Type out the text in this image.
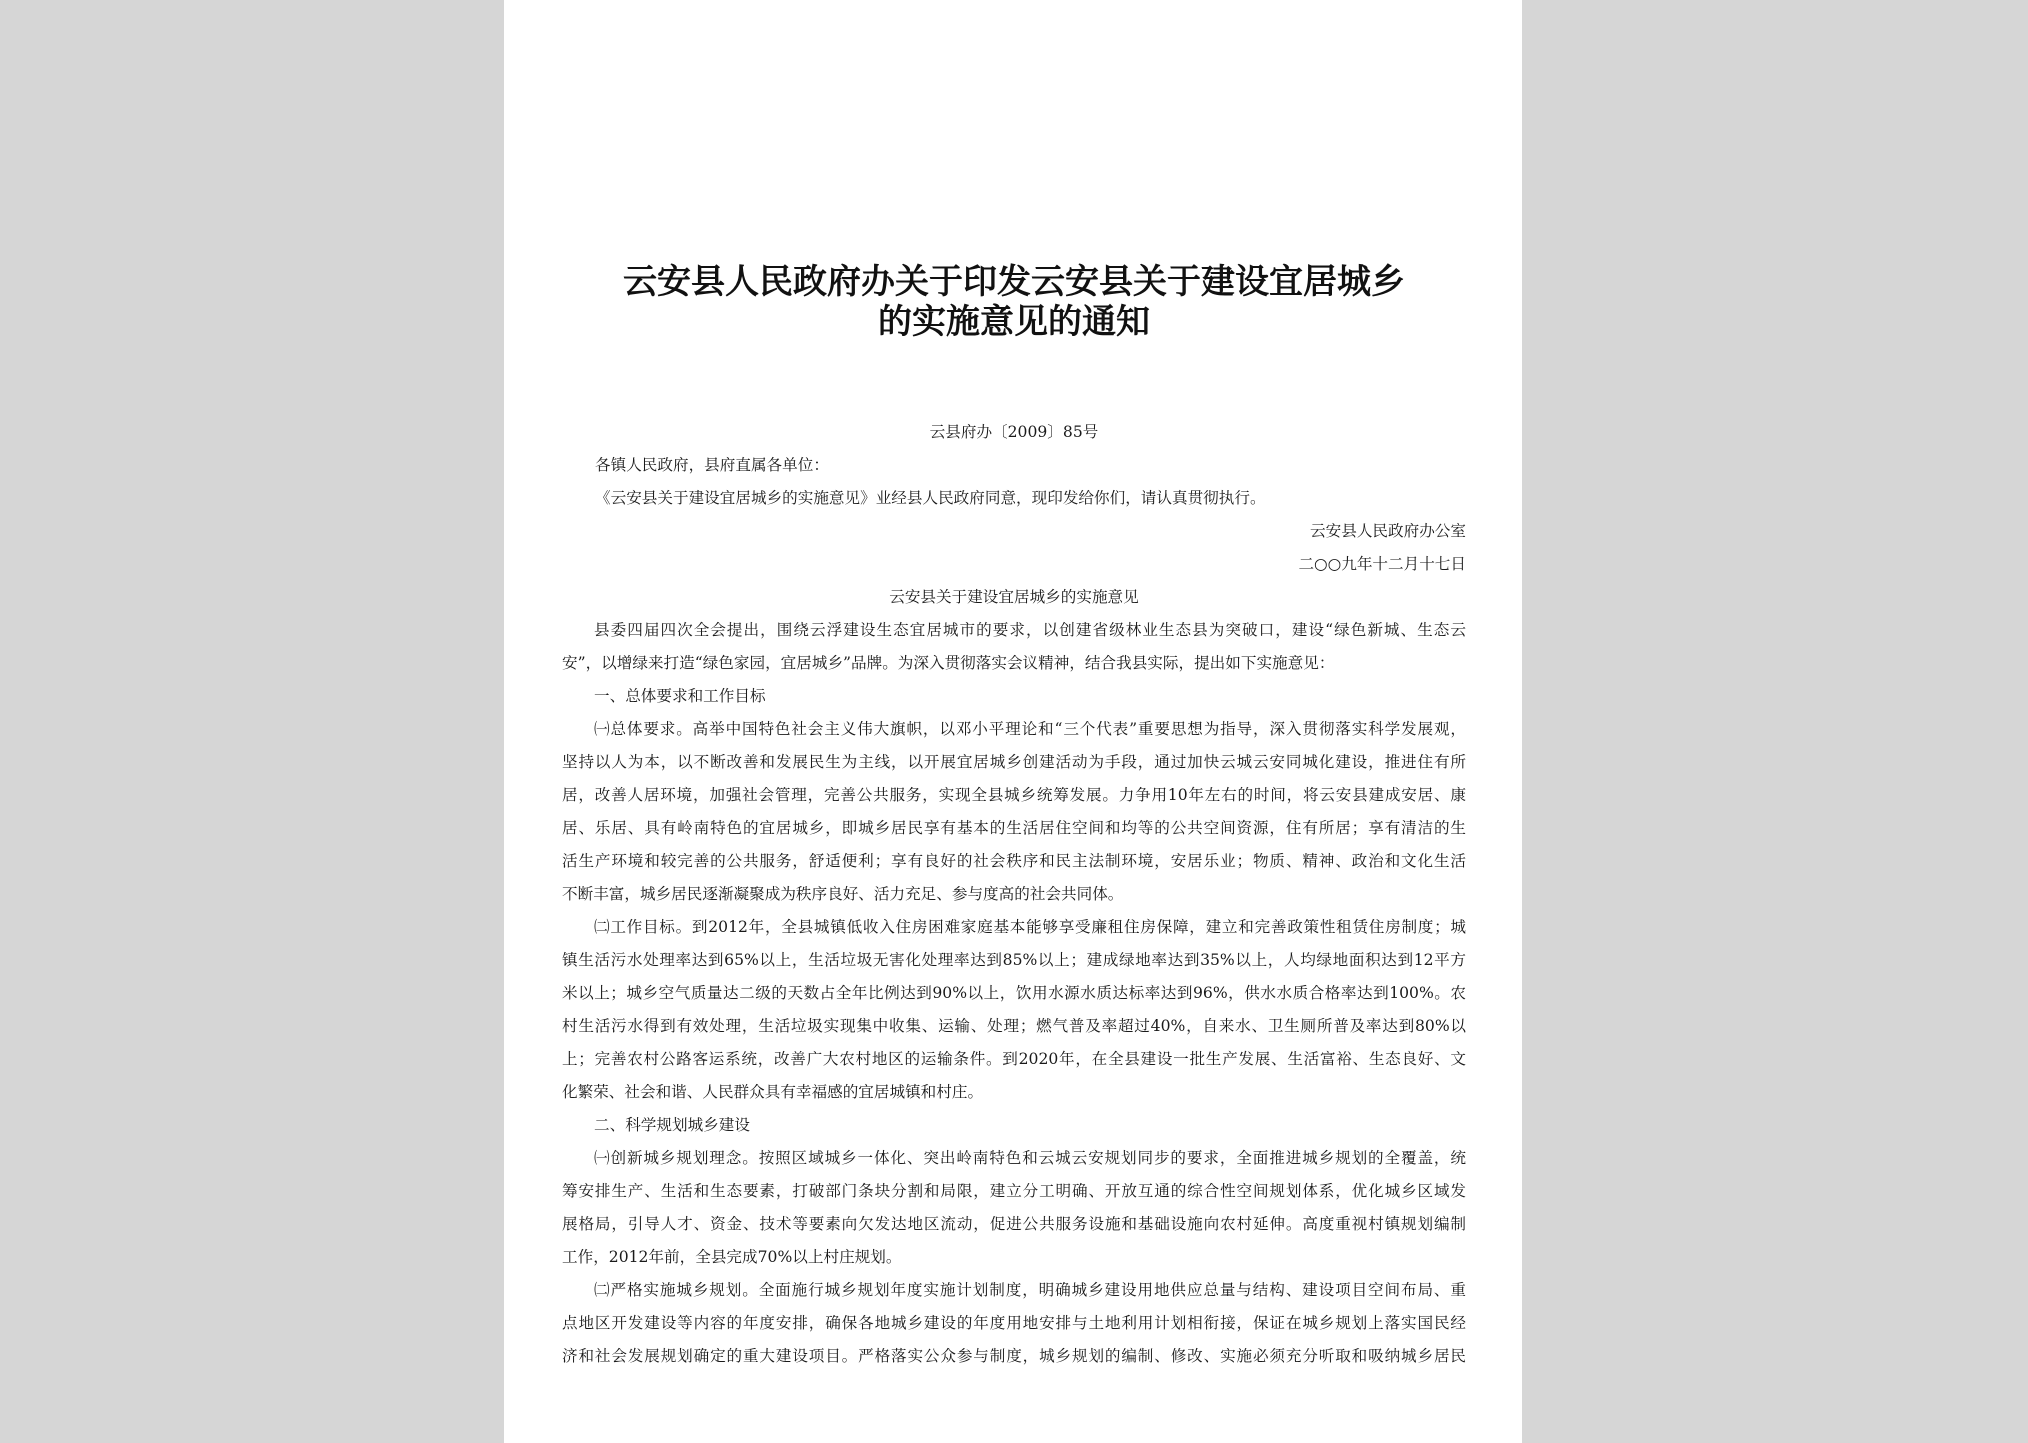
云安县人民政府办关于印发云安县关于建设宜居城乡
的实施意见的通知
云县府办〔2009〕85号
各镇人民政府，县府直属各单位：
《云安县关于建设宜居城乡的实施意见》业经县人民政府同意，现印发给你们，请认真贯彻执行。
云安县人民政府办公室
二○○九年十二月十七日
云安县关于建设宜居城乡的实施意见
县委四届四次全会提出，围绕云浮建设生态宜居城市的要求，以创建省级林业生态县为突破口，建设“绿色新城、生态云
安”，以增绿来打造“绿色家园，宜居城乡”品牌。为深入贯彻落实会议精神，结合我县实际，提出如下实施意见：
一、总体要求和工作目标
㈠总体要求。高举中国特色社会主义伟大旗帜，以邓小平理论和“三个代表”重要思想为指导，深入贯彻落实科学发展观，
坚持以人为本，以不断改善和发展民生为主线，以开展宜居城乡创建活动为手段，通过加快云城云安同城化建设，推进住有所
居，改善人居环境，加强社会管理，完善公共服务，实现全县城乡统筹发展。力争用10年左右的时间，将云安县建成安居、康
居、乐居、具有岭南特色的宜居城乡，即城乡居民享有基本的生活居住空间和均等的公共空间资源，住有所居；享有清洁的生
活生产环境和较完善的公共服务，舒适便利；享有良好的社会秩序和民主法制环境，安居乐业；物质、精神、政治和文化生活
不断丰富，城乡居民逐渐凝聚成为秩序良好、活力充足、参与度高的社会共同体。
㈡工作目标。到2012年，全县城镇低收入住房困难家庭基本能够享受廉租住房保障，建立和完善政策性租赁住房制度；城
镇生活污水处理率达到65%以上，生活垃圾无害化处理率达到85%以上；建成绿地率达到35%以上，人均绿地面积达到12平方
米以上；城乡空气质量达二级的天数占全年比例达到90%以上，饮用水源水质达标率达到96%，供水水质合格率达到100%。农
村生活污水得到有效处理，生活垃圾实现集中收集、运输、处理；燃气普及率超过40%，自来水、卫生厕所普及率达到80%以
上；完善农村公路客运系统，改善广大农村地区的运输条件。到2020年，在全县建设一批生产发展、生活富裕、生态良好、文
化繁荣、社会和谐、人民群众具有幸福感的宜居城镇和村庄。
二、科学规划城乡建设
㈠创新城乡规划理念。按照区域城乡一体化、突出岭南特色和云城云安规划同步的要求，全面推进城乡规划的全覆盖，统
筹安排生产、生活和生态要素，打破部门条块分割和局限，建立分工明确、开放互通的综合性空间规划体系，优化城乡区域发
展格局，引导人才、资金、技术等要素向欠发达地区流动，促进公共服务设施和基础设施向农村延伸。高度重视村镇规划编制
工作，2012年前，全县完成70%以上村庄规划。
㈡严格实施城乡规划。全面施行城乡规划年度实施计划制度，明确城乡建设用地供应总量与结构、建设项目空间布局、重
点地区开发建设等内容的年度安排，确保各地城乡建设的年度用地安排与土地利用计划相衔接，保证在城乡规划上落实国民经
济和社会发展规划确定的重大建设项目。严格落实公众参与制度，城乡规划的编制、修改、实施必须充分听取和吸纳城乡居民
